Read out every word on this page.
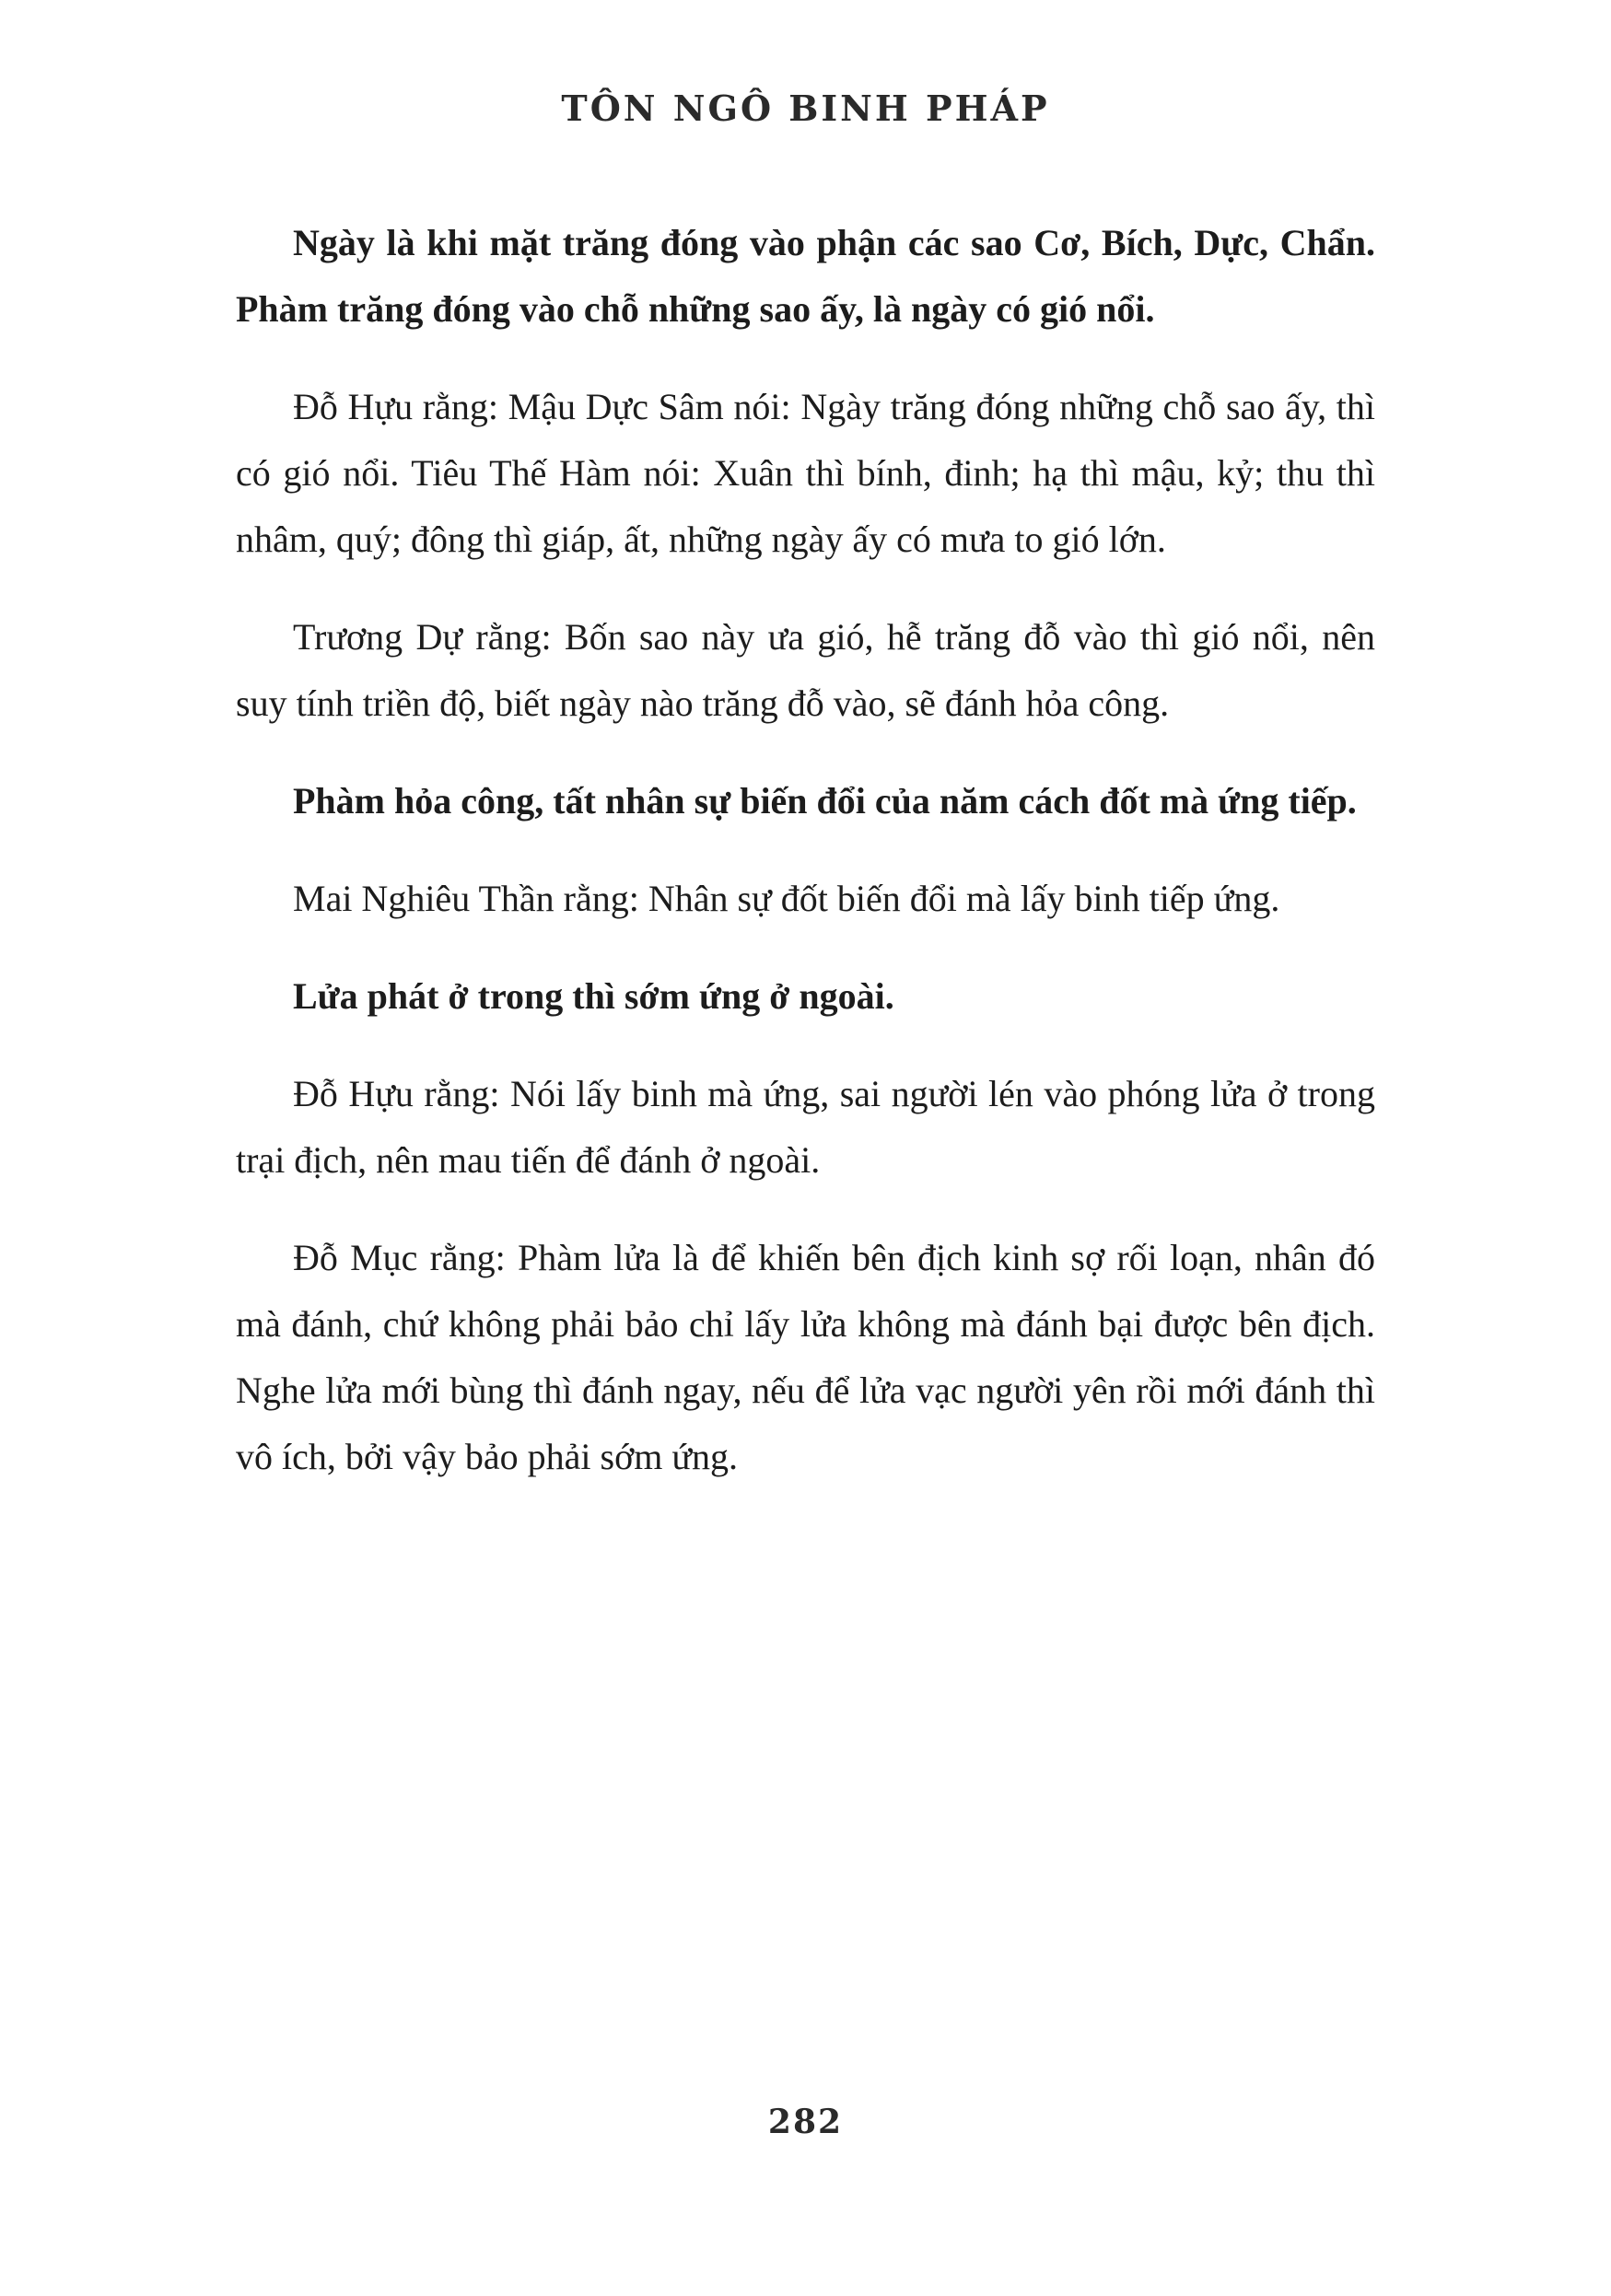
TÔN NGÔ BINH PHÁP

Ngày là khi mặt trăng đóng vào phận các sao Cơ, Bích, Dực, Chẩn. Phàm trăng đóng vào chỗ những sao ấy, là ngày có gió nổi.

Đỗ Hựu rằng: Mậu Dực Sâm nói: Ngày trăng đóng những chỗ sao ấy, thì có gió nổi. Tiêu Thế Hàm nói: Xuân thì bính, đinh; hạ thì mậu, kỷ; thu thì nhâm, quý; đông thì giáp, ất, những ngày ấy có mưa to gió lớn.

Trương Dự rằng: Bốn sao này ưa gió, hễ trăng đỗ vào thì gió nổi, nên suy tính triền độ, biết ngày nào trăng đỗ vào, sẽ đánh hỏa công.

Phàm hỏa công, tất nhân sự biến đổi của năm cách đốt mà ứng tiếp.

Mai Nghiêu Thần rằng: Nhân sự đốt biến đổi mà lấy binh tiếp ứng.

Lửa phát ở trong thì sớm ứng ở ngoài.

Đỗ Hựu rằng: Nói lấy binh mà ứng, sai người lén vào phóng lửa ở trong trại địch, nên mau tiến để đánh ở ngoài.

Đỗ Mục rằng: Phàm lửa là để khiến bên địch kinh sợ rối loạn, nhân đó mà đánh, chứ không phải bảo chỉ lấy lửa không mà đánh bại được bên địch. Nghe lửa mới bùng thì đánh ngay, nếu để lửa vạc người yên rồi mới đánh thì vô ích, bởi vậy bảo phải sớm ứng.

282
